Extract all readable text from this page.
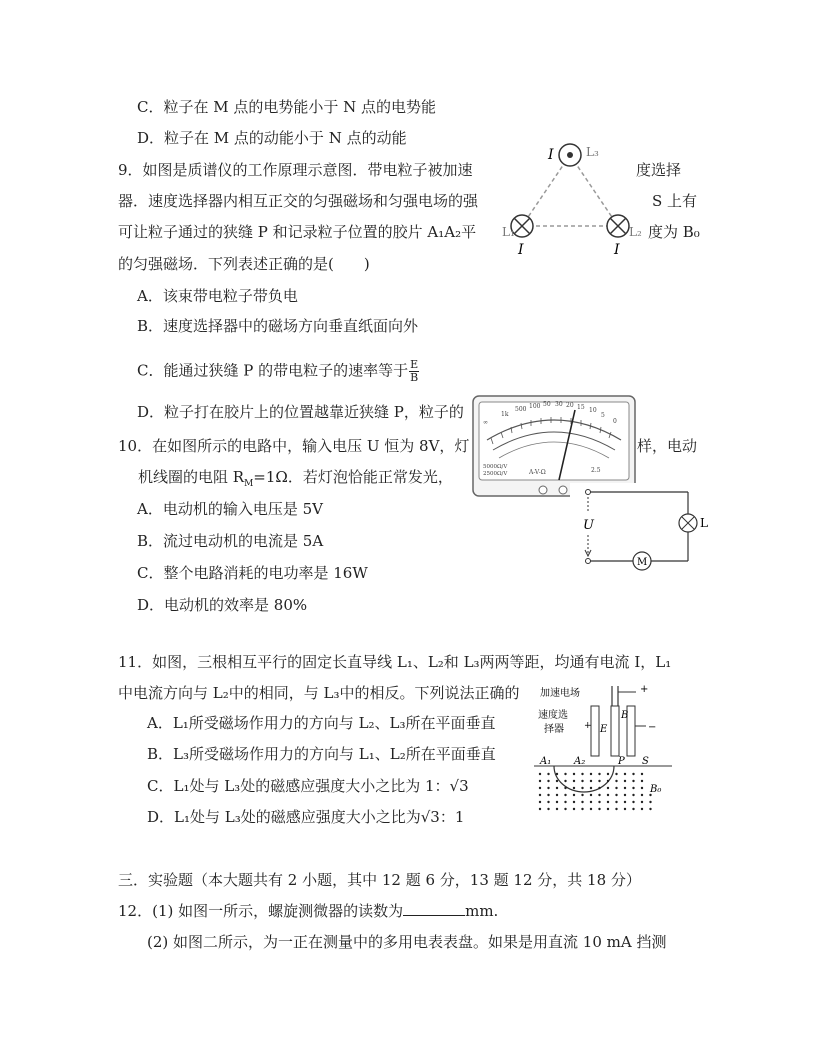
C．粒子在 M 点的电势能小于 N 点的电势能
D．粒子在 M 点的动能小于 N 点的动能
9．如图是质谱仪的工作原理示意图．带电粒子被加速	度选择
器．速度选择器内相互正交的匀强磁场和匀强电场的强	S 上有
可让粒子通过的狭缝 P 和记录粒子位置的胶片 A₁A₂平	度为 B₀
的匀强磁场．下列表述正确的是(　　)
A．该束带电粒子带负电
B．速度选择器中的磁场方向垂直纸面向外
C．能通过狭缝 P 的带电粒子的速率等于 $\frac{E}{B}$
D．粒子打在胶片上的位置越靠近狭缝 P，粒子的
10．在如图所示的电路中，输入电压 U 恒为 8V，灯	样，电动
机线圈的电阻 $R_M=1\Omega$．若灯泡恰能正常发光，
A．电动机的输入电压是 5V
B．流过电动机的电流是 5A
C．整个电路消耗的电功率是 16W
D．电动机的效率是 80%
11．如图，三根相互平行的固定长直导线 L₁、L₂和 L₃两两等距，均通有电流 I，L₁
中电流方向与 L₂中的相同，与 L₃中的相反。下列说法正确的
A．L₁所受磁场作用力的方向与 L₂、L₃所在平面垂直
B．L₃所受磁场作用力的方向与 L₁、L₂所在平面垂直
C．L₁处与 L₃处的磁感应强度大小之比为 1：√3
D．L₁处与 L₃处的磁感应强度大小之比为√3：1
三．实验题（本大题共有 2 小题，其中 12 题 6 分，13 题 12 分，共 18 分）
12．(1) 如图一所示，螺旋测微器的读数为	mm.
(2) 如图二所示，为一正在测量中的多用电表表盘。如果是用直流 10 mA 挡测
I	L₃
L₁	L₂
I	I
∞
1k
500 100 50 30 20 15 10
5
0
5000Ω/V
2500Ω/V	A-V-Ω	2.5
M
L
U
加速电场	+
−
速度选
择器 + E
B
A₁ A₂	P S
B₀
